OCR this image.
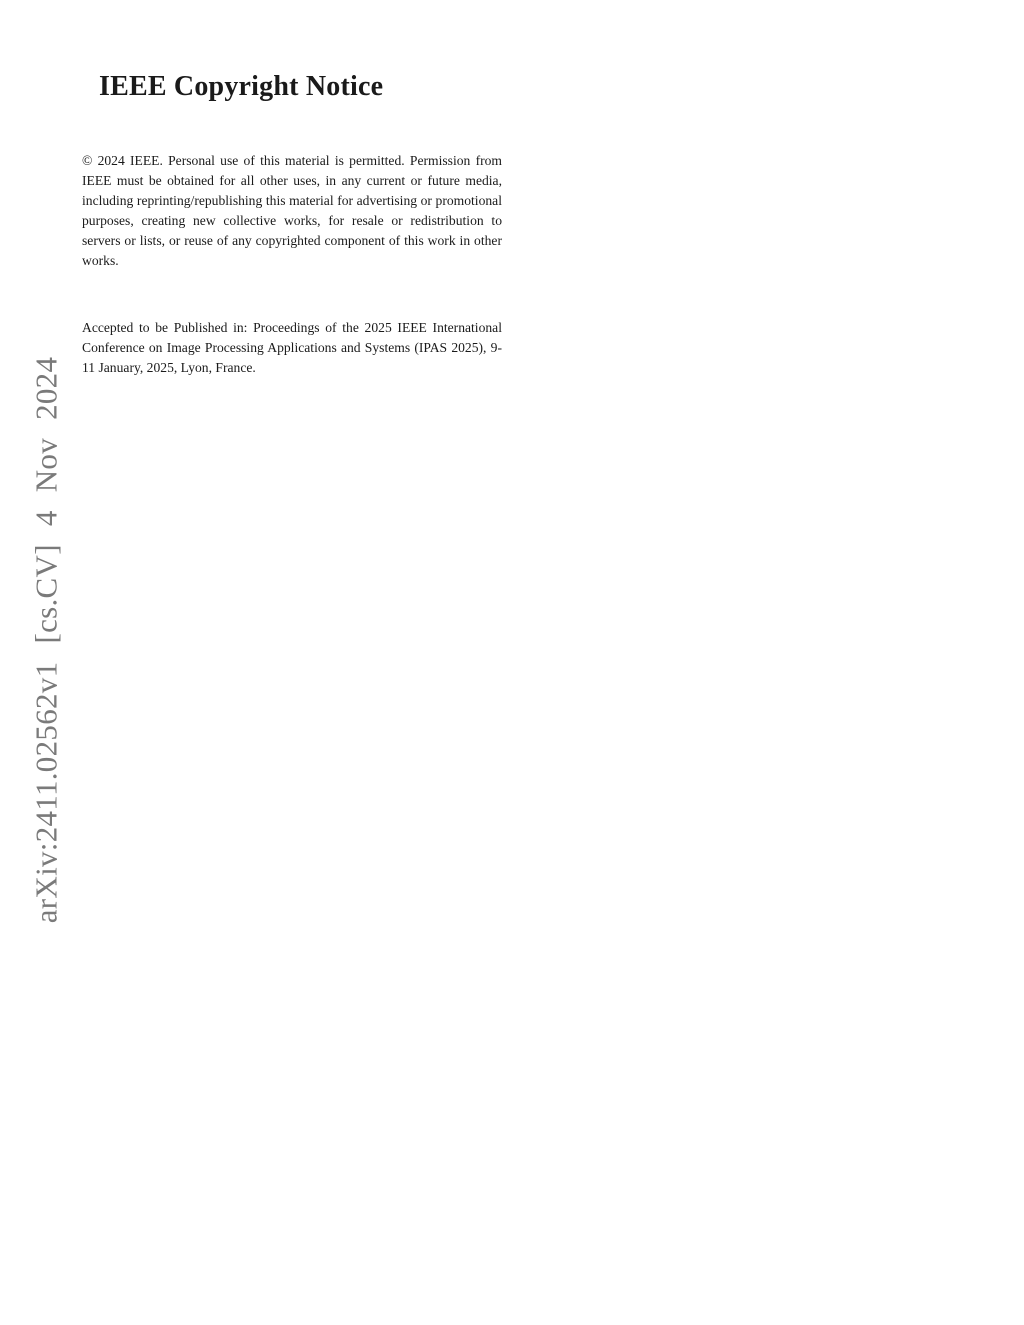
arXiv:2411.02562v1 [cs.CV] 4 Nov 2024
IEEE Copyright Notice

© 2024 IEEE. Personal use of this material is permitted. Permission from IEEE must be obtained for all other uses, in any current or future media, including reprinting/republishing this material for advertising or promotional purposes, creating new collective works, for resale or redistribution to servers or lists, or reuse of any copyrighted component of this work in other works.

Accepted to be Published in: Proceedings of the 2025 IEEE International Conference on Image Processing Applications and Systems (IPAS 2025), 9-11 January, 2025, Lyon, France.
